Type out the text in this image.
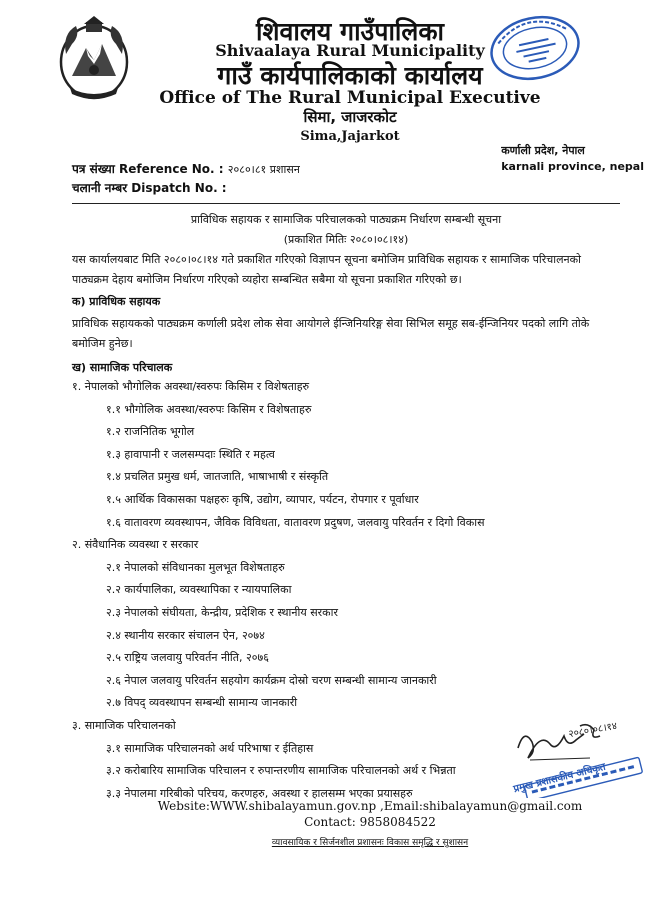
शिवालय गाउँपालिका
Shivaalaya Rural Municipality
गाउँ कार्यपालिकाको कार्यालय
Office of The Rural Municipal Executive
सिमा, जाजरकोट
Sima,Jajarkot
कर्णाली प्रदेश, नेपाल
karnali province, nepal
पत्र संख्या Reference No. : २०८०।८१ प्रशासन
चलानी नम्बर Dispatch No. :
प्राविधिक सहायक र सामाजिक परिचालकको पाठ्यक्रम निर्धारण सम्बन्धी सूचना
(प्रकाशित मितिः २०८०।०८।१४)
यस कार्यालयबाट मिति २०८०।०८।१४ गते प्रकाशित गरिएको विज्ञापन सूचना बमोजिम प्राविधिक सहायक र सामाजिक परिचालनको पाठ्यक्रम देहाय बमोजिम निर्धारण गरिएको व्यहोरा सम्बन्धित सबैमा यो सूचना प्रकाशित गरिएको छ।
क) प्राविधिक सहायक
प्राविधिक सहायकको पाठ्यक्रम कर्णाली प्रदेश लोक सेवा आयोगले ईन्जिनियरिङ्ग सेवा सिभिल समूह सब-ईन्जिनियर पदको लागि तोके बमोजिम हुनेछ।
ख) सामाजिक परिचालक
१. नेपालको भौगोलिक अवस्था/स्वरुपः किसिम र विशेषताहरु
१.१ भौगोलिक अवस्था/स्वरुपः किसिम र विशेषताहरु
१.२ राजनितिक भूगोल
१.३ हावापानी र जलसम्पदाः स्थिति र महत्व
१.४ प्रचलित प्रमुख धर्म, जातजाति, भाषाभाषी र संस्कृति
१.५ आर्थिक विकासका पक्षहरुः कृषि, उद्योग, व्यापार, पर्यटन, रोपगार र पूर्वाधार
१.६ वातावरण व्यवस्थापन, जैविक विविधता, वातावरण प्रदुषण, जलवायु परिवर्तन र दिगो विकास
२. संवैधानिक व्यवस्था र सरकार
२.१ नेपालको संविधानका मुलभूत विशेषताहरु
२.२ कार्यपालिका, व्यवस्थापिका र न्यायपालिका
२.३ नेपालको संघीयता, केन्द्रीय, प्रदेशिक र स्थानीय सरकार
२.४ स्थानीय सरकार संचालन ऐन, २०७४
२.५ राष्ट्रिय जलवायु परिवर्तन नीति, २०७६
२.६ नेपाल जलवायु परिवर्तन सहयोग कार्यक्रम दोस्रो चरण सम्बन्धी सामान्य जानकारी
२.७ विपद् व्यवस्थापन सम्बन्धी सामान्य जानकारी
३. सामाजिक परिचालनको
३.१ सामाजिक परिचालनको अर्थ परिभाषा र ईतिहास
३.२ करोबारिय सामाजिक परिचालन र रुपान्तरणीय सामाजिक परिचालनको अर्थ र भिन्नता
३.३ नेपालमा गरिबीको परिचय, करणहरु, अवस्था र हालसम्म भएका प्रयासहरु
२०८०।०८।१४
प्रमुख प्रशासकीय अधिकृत
Website:WWW.shibalayamun.gov.np ,Email:shibalayamun@gmail.com
Contact: 9858084522
व्यावसायिक र सिर्जनशील प्रशासनः विकास समृद्धि र सुशासन
